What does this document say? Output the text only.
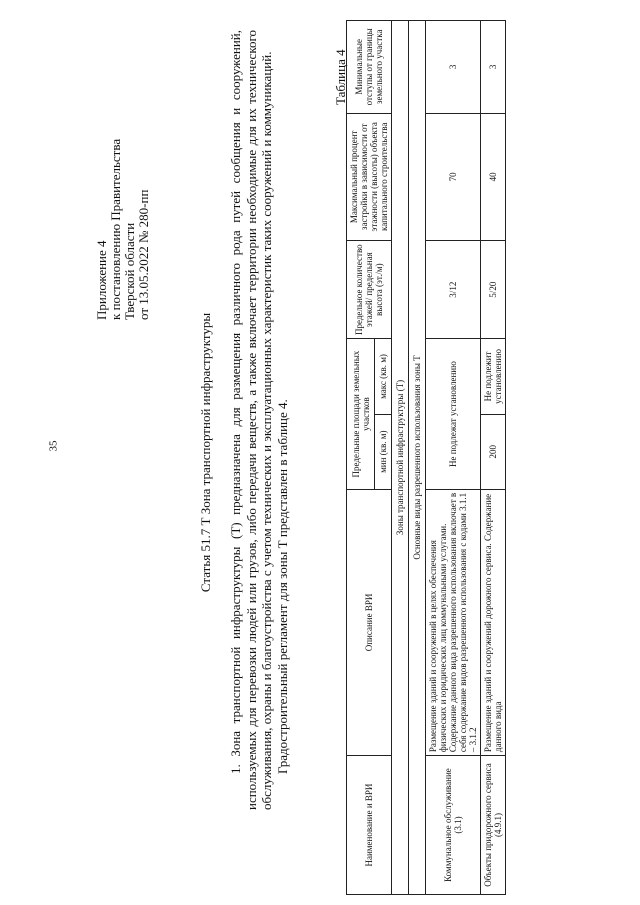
35
Приложение 4 к постановлению Правительства Тверской области от 13.05.2022 № 280-пп
Статья 51.7 Т Зона транспортной инфраструктуры 1. Зона транспортной инфраструктуры (Т) предназначена для размещения различного рода путей сообщения и сооружений, используемых для перевозки людей или грузов, либо передачи веществ, а также включает территории необходимые для их технического обслуживания, охраны и благоустройства с учетом технических и эксплуатационных характеристик таких сооружений и коммуникаций. Градостроительный регламент для зоны Т представлен в таблице 4.

Таблица 4
Наименование и ВРИ	Описание ВРИ	Предельные площади земельных участков		Предельное количество этажей/ предельная высота (эт./м)	Максимальный процент застройки в зависимости от этажности (высоты) объекта капитального строительства	Минимальные отступы от границы земельного участка
		мин (кв. м)	макс (кв. м)			
Зоны транспортной инфраструктуры (Т)						
Основные виды разрешенного использования зоны Т						
Коммунальное обслуживание (3.1)	Размещение зданий и сооружений в целях обеспечения физических и юридических лиц коммунальными услугами. Содержание данного вида разрешенного использования включает в себя содержание видов разрешенного использования с кодами 3.1.1 – 3.1.2	Не подлежат установлению		3/12	70	3
Объекты придорожного сервиса (4.9.1)	Размещение зданий и сооружений дорожного сервиса. Содержание данного вида	200	Не подлежит установлению	5/20	40	3
